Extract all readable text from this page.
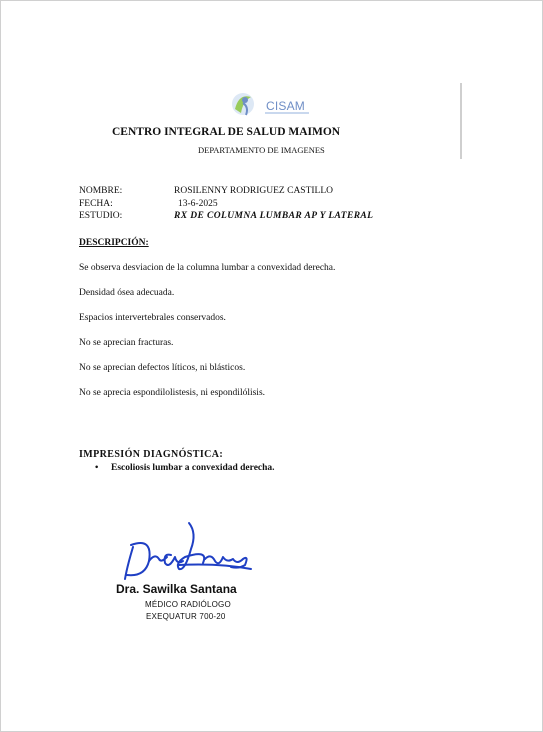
CISAM
CENTRO INTEGRAL DE SALUD MAIMON
DEPARTAMENTO DE IMAGENES
NOMBRE:	ROSILENNY RODRIGUEZ CASTILLO
FECHA:	13-6-2025
ESTUDIO:	RX DE COLUMNA LUMBAR AP Y LATERAL
DESCRIPCIÓN:
Se observa desviacion de la columna lumbar a convexidad derecha.
Densidad ósea adecuada.
Espacios intervertebrales conservados.
No se aprecian fracturas.
No se aprecian defectos líticos, ni blásticos.
No se aprecia espondilolistesis, ni espondilólisis.
IMPRESIÓN DIAGNÓSTICA:
• Escoliosis lumbar a convexidad derecha.
Dra. Sawilka Santana
MÉDICO RADIÓLOGO
EXEQUATUR 700-20
